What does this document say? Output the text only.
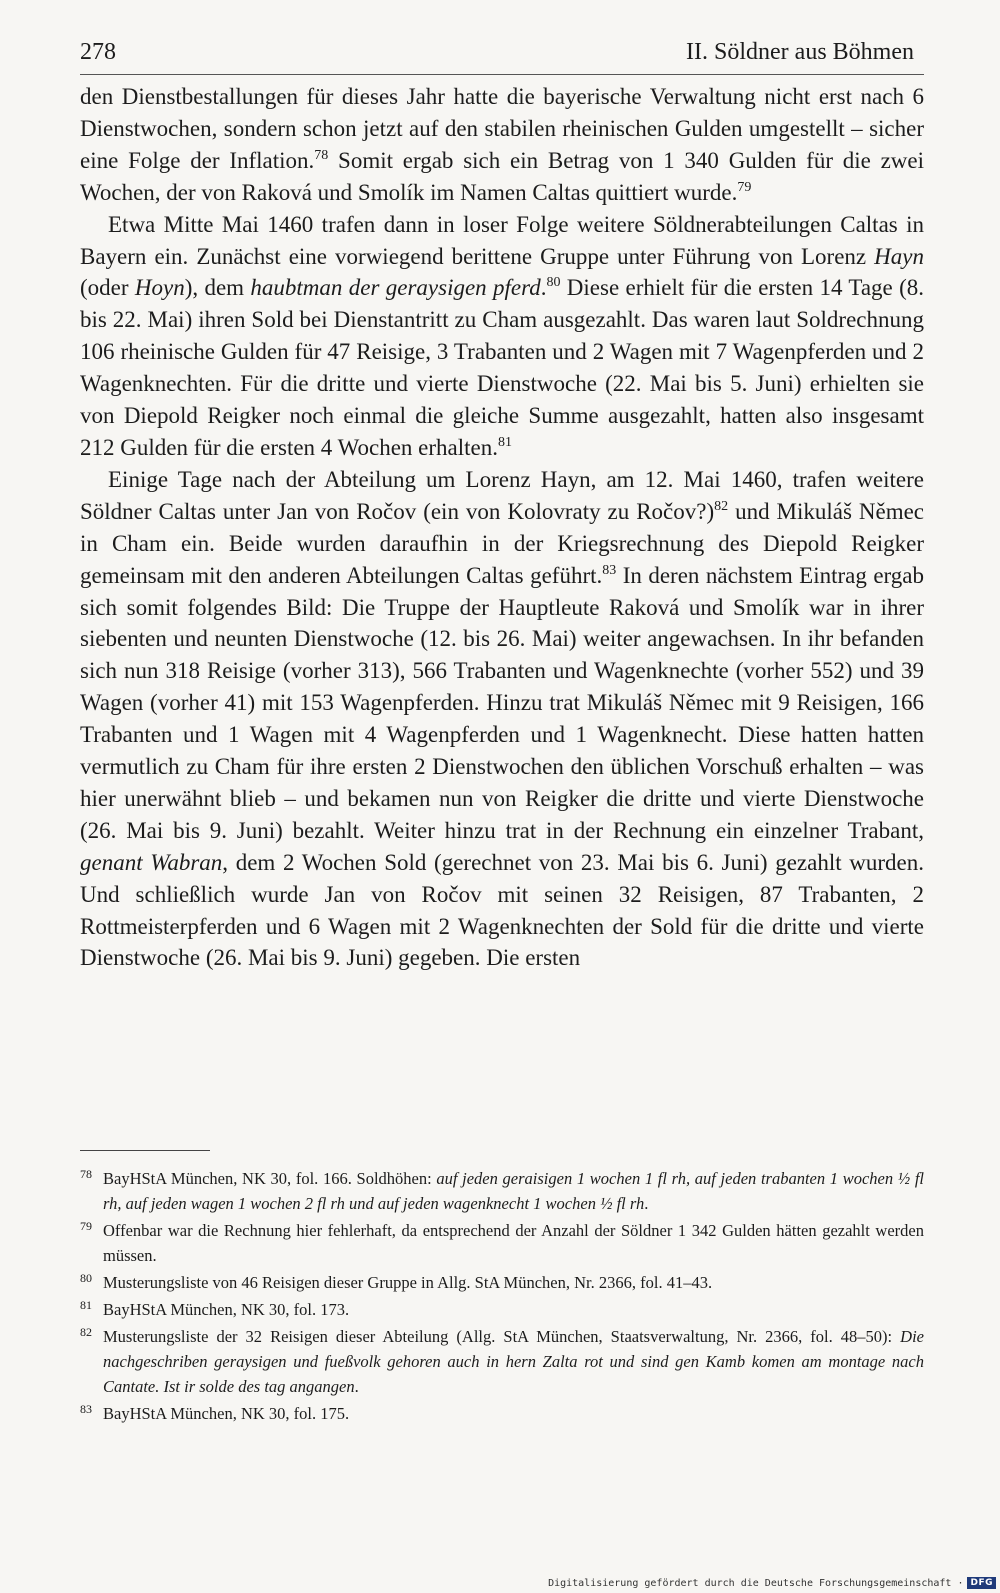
278	II. Söldner aus Böhmen

den Dienstbestallungen für dieses Jahr hatte die bayerische Verwaltung nicht erst nach 6 Dienstwochen, sondern schon jetzt auf den stabilen rheinischen Gulden umgestellt – sicher eine Folge der Inflation.$^{78}$ Somit ergab sich ein Betrag von 1 340 Gulden für die zwei Wochen, der von Raková und Smolík im Namen Caltas quittiert wurde.$^{79}$

Etwa Mitte Mai 1460 trafen dann in loser Folge weitere Söldnerabteilungen Caltas in Bayern ein. Zunächst eine vorwiegend berittene Gruppe unter Führung von Lorenz Hayn (oder Hoyn), dem haubtman der geraysigen pferd.$^{80}$ Diese erhielt für die ersten 14 Tage (8. bis 22. Mai) ihren Sold bei Dienstantritt zu Cham ausgezahlt. Das waren laut Soldrechnung 106 rheinische Gulden für 47 Reisige, 3 Trabanten und 2 Wagen mit 7 Wagenpferden und 2 Wagenknechten. Für die dritte und vierte Dienstwoche (22. Mai bis 5. Juni) erhielten sie von Diepold Reigker noch einmal die gleiche Summe ausgezahlt, hatten also insgesamt 212 Gulden für die ersten 4 Wochen erhalten.$^{81}$

Einige Tage nach der Abteilung um Lorenz Hayn, am 12. Mai 1460, trafen weitere Söldner Caltas unter Jan von Ročov (ein von Kolovraty zu Ročov?)$^{82}$ und Mikuláš Němec in Cham ein. Beide wurden daraufhin in der Kriegsrechnung des Diepold Reigker gemeinsam mit den anderen Abteilungen Caltas geführt.$^{83}$ In deren nächstem Eintrag ergab sich somit folgendes Bild: Die Truppe der Hauptleute Raková und Smolík war in ihrer siebenten und neunten Dienstwoche (12. bis 26. Mai) weiter angewachsen. In ihr befanden sich nun 318 Reisige (vorher 313), 566 Trabanten und Wagenknechte (vorher 552) und 39 Wagen (vorher 41) mit 153 Wagenpferden. Hinzu trat Mikuláš Němec mit 9 Reisigen, 166 Trabanten und 1 Wagen mit 4 Wagenpferden und 1 Wagenknecht. Diese hatten hatten vermutlich zu Cham für ihre ersten 2 Dienstwochen den üblichen Vorschuß erhalten – was hier unerwähnt blieb – und bekamen nun von Reigker die dritte und vierte Dienstwoche (26. Mai bis 9. Juni) bezahlt. Weiter hinzu trat in der Rechnung ein einzelner Trabant, genant Wabran, dem 2 Wochen Sold (gerechnet von 23. Mai bis 6. Juni) gezahlt wurden. Und schließlich wurde Jan von Ročov mit seinen 32 Reisigen, 87 Trabanten, 2 Rottmeisterpferden und 6 Wagen mit 2 Wagenknechten der Sold für die dritte und vierte Dienstwoche (26. Mai bis 9. Juni) gegeben. Die ersten

78 BayHStA München, NK 30, fol. 166. Soldhöhen: auf jeden geraisigen 1 wochen 1 fl rh, auf jeden trabanten 1 wochen ½ fl rh, auf jeden wagen 1 wochen 2 fl rh und auf jeden wagenknecht 1 wochen ½ fl rh.
79 Offenbar war die Rechnung hier fehlerhaft, da entsprechend der Anzahl der Söldner 1 342 Gulden hätten gezahlt werden müssen.
80 Musterungsliste von 46 Reisigen dieser Gruppe in Allg. StA München, Nr. 2366, fol. 41–43.
81 BayHStA München, NK 30, fol. 173.
82 Musterungsliste der 32 Reisigen dieser Abteilung (Allg. StA München, Staatsverwaltung, Nr. 2366, fol. 48–50): Die nachgeschriben geraysigen und fueßvolk gehoren auch in hern Zalta rot und sind gen Kamb komen am montage nach Cantate. Ist ir solde des tag angangen.
83 BayHStA München, NK 30, fol. 175.
Digitalisierung gefördert durch die Deutsche Forschungsgemeinschaft · DFG
